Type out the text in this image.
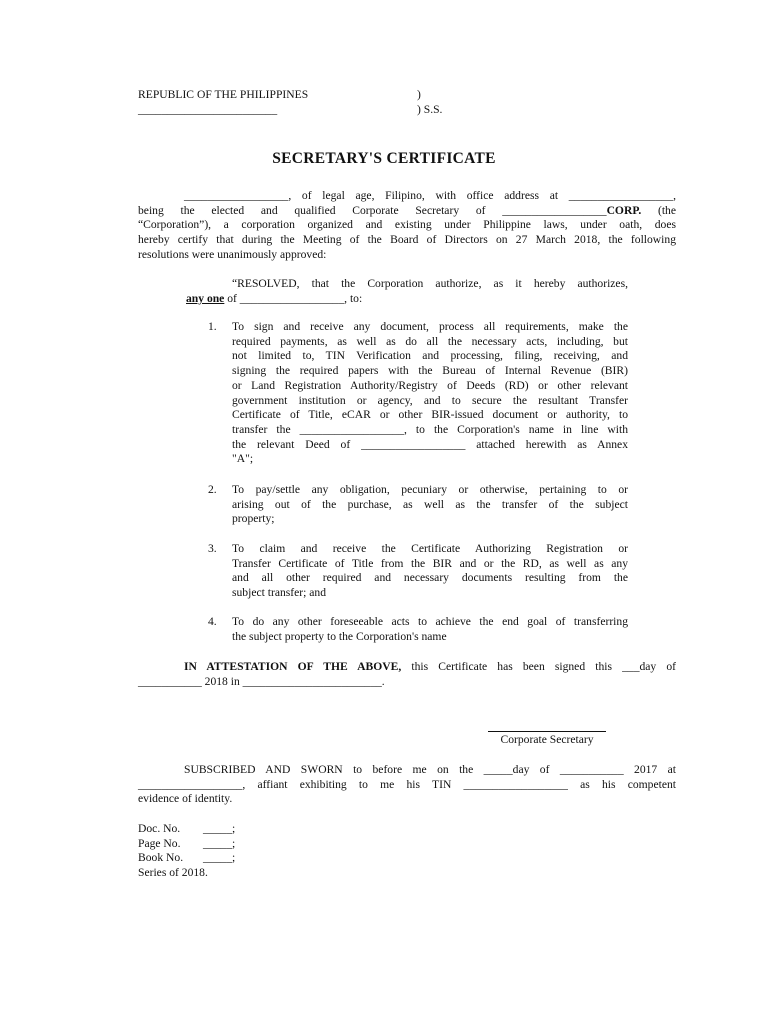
REPUBLIC OF THE PHILIPPINES
________________________
)
) S.S.
SECRETARY'S CERTIFICATE
__________________, of legal age, Filipino, with office address at __________________,
being the elected and qualified Corporate Secretary of __________________CORP. (the
“Corporation”), a corporation organized and existing under Philippine laws, under oath, does
hereby certify that during the Meeting of the Board of Directors on 27 March 2018, the following
resolutions were unanimously approved:
“RESOLVED, that the Corporation authorize, as it hereby authorizes,
any one of __________________, to:
1.	To sign and receive any document, process all requirements, make the
required payments, as well as do all the necessary acts, including, but
not limited to, TIN Verification and processing, filing, receiving, and
signing the required papers with the Bureau of Internal Revenue (BIR)
or Land Registration Authority/Registry of Deeds (RD) or other relevant
government institution or agency, and to secure the resultant Transfer
Certificate of Title, eCAR or other BIR-issued document or authority, to
transfer the __________________, to the Corporation's name in line with
the relevant Deed of __________________ attached herewith as Annex
"A";
2.	To pay/settle any obligation, pecuniary or otherwise, pertaining to or
arising out of the purchase, as well as the transfer of the subject
property;
3.	To claim and receive the Certificate Authorizing Registration or
Transfer Certificate of Title from the BIR and or the RD, as well as any
and all other required and necessary documents resulting from the
subject transfer; and
4.	To do any other foreseeable acts to achieve the end goal of transferring
the subject property to the Corporation's name
IN ATTESTATION OF THE ABOVE, this Certificate has been signed this ___day of
___________ 2018 in ________________________.
Corporate Secretary
SUBSCRIBED AND SWORN to before me on the _____day of ___________ 2017 at
__________________, affiant exhibiting to me his TIN __________________ as his competent
evidence of identity.
Doc. No.	_____;
Page No.	_____;
Book No.	_____;
Series of 2018.	
